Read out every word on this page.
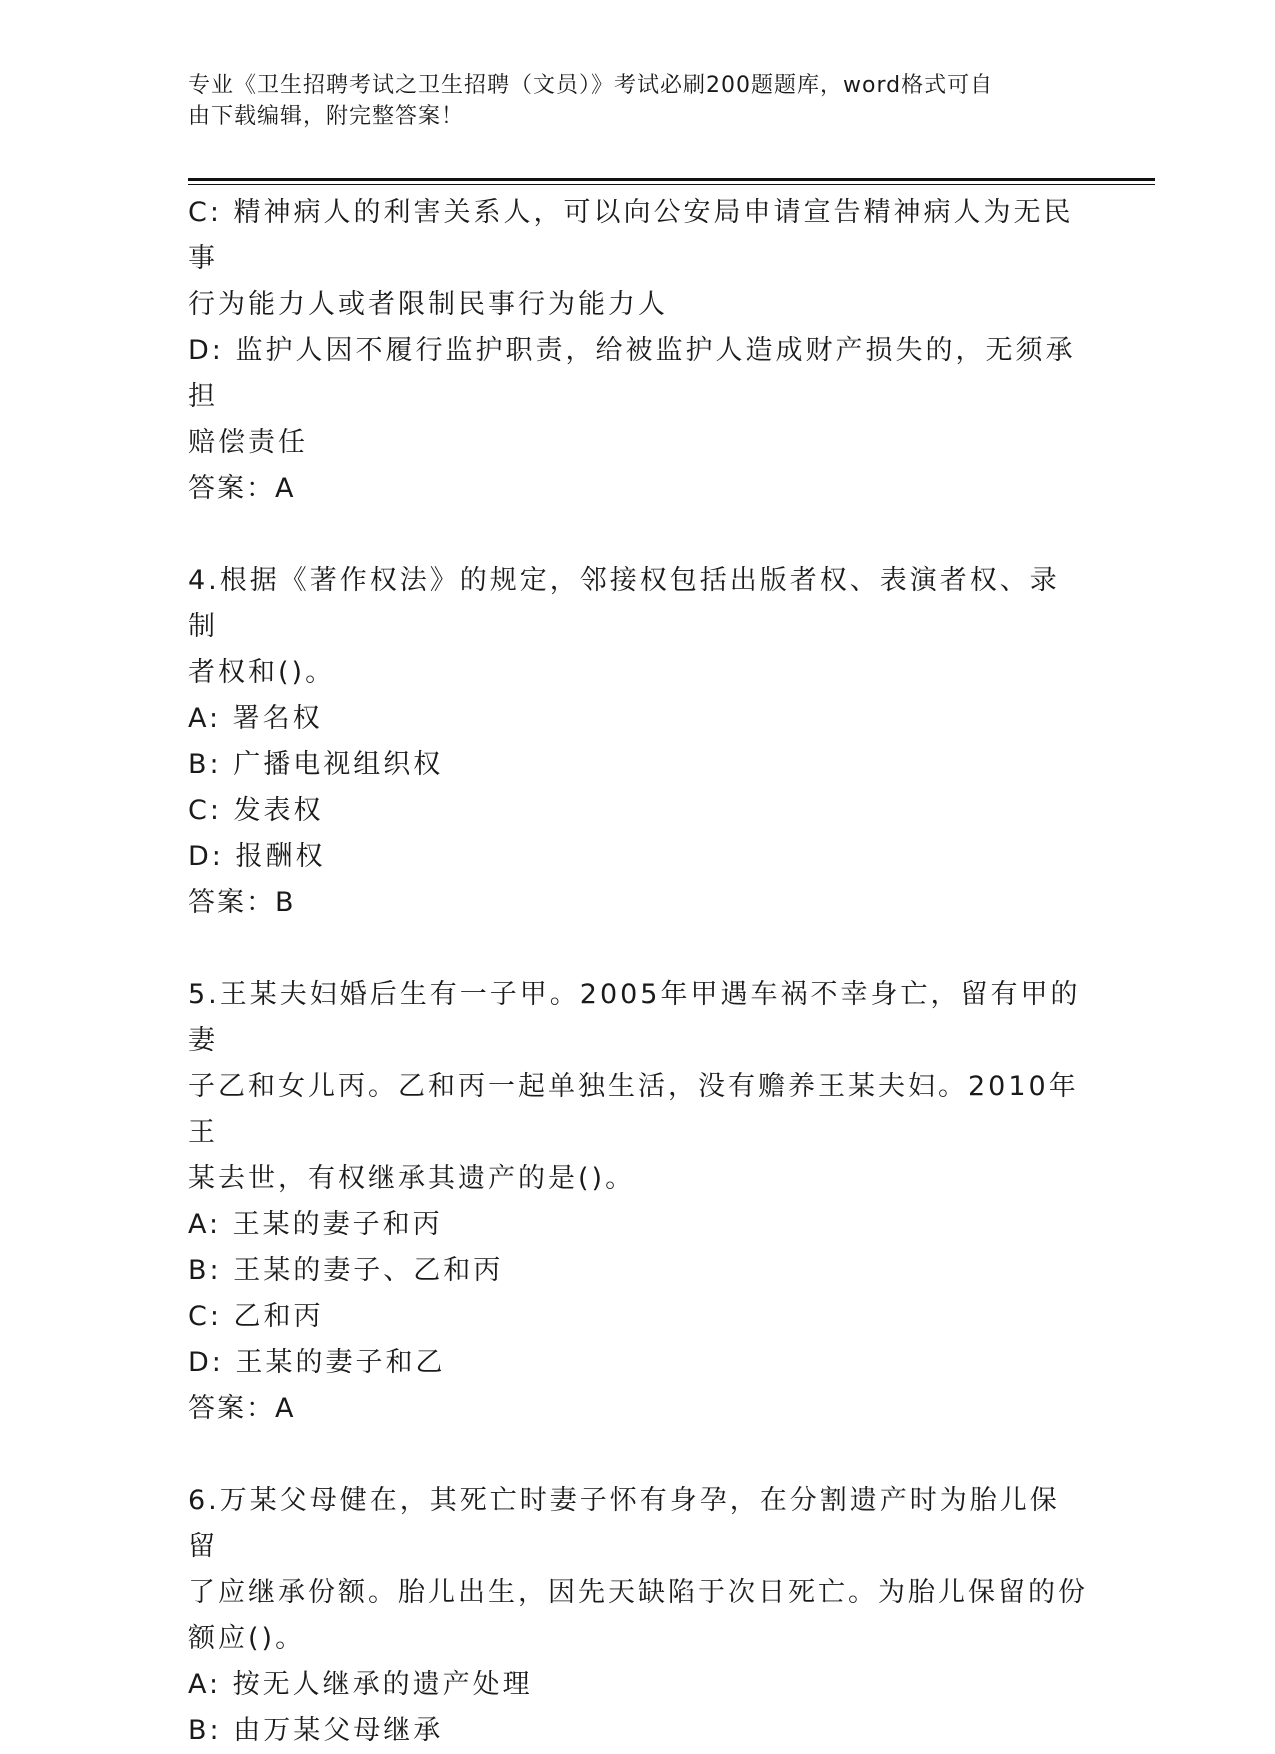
专业《卫生招聘考试之卫生招聘（文员）》考试必刷200题题库，word格式可自
由下载编辑，附完整答案！

C: 精神病人的利害关系人，可以向公安局申请宣告精神病人为无民事

行为能力人或者限制民事行为能力人

D: 监护人因不履行监护职责，给被监护人造成财产损失的，无须承担

赔偿责任

答案：A

4.根据《著作权法》的规定，邻接权包括出版者权、表演者权、录制

者权和()。

A: 署名权

B: 广播电视组织权

C: 发表权

D: 报酬权

答案：B

5.王某夫妇婚后生有一子甲。2005年甲遇车祸不幸身亡，留有甲的妻

子乙和女儿丙。乙和丙一起单独生活，没有赡养王某夫妇。2010年王

某去世，有权继承其遗产的是()。

A: 王某的妻子和丙

B: 王某的妻子、乙和丙

C: 乙和丙

D: 王某的妻子和乙

答案：A

6.万某父母健在，其死亡时妻子怀有身孕，在分割遗产时为胎儿保留

了应继承份额。胎儿出生，因先天缺陷于次日死亡。为胎儿保留的份

额应()。

A: 按无人继承的遗产处理

B: 由万某父母继承
